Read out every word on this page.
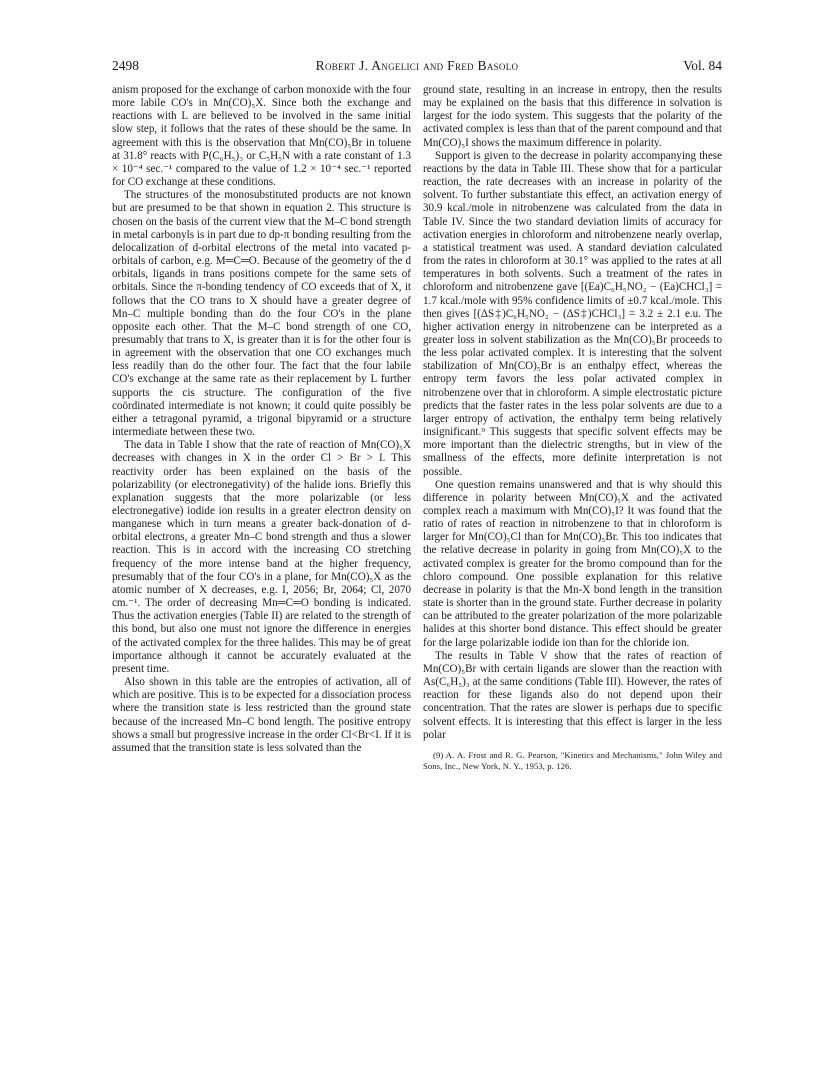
2498	Robert J. Angelici and Fred Basolo	Vol. 84

anism proposed for the exchange of carbon monoxide with the four more labile CO's in Mn(CO)₅X. Since both the exchange and reactions with L are believed to be involved in the same initial slow step, it follows that the rates of these should be the same. In agreement with this is the observation that Mn(CO)₅Br in toluene at 31.8° reacts with P(C₆H₅)₃ or C₅H₅N with a rate constant of 1.3 × 10⁻⁴ sec.⁻¹ compared to the value of 1.2 × 10⁻⁴ sec.⁻¹ reported for CO exchange at these conditions.

The structures of the monosubstituted products are not known but are presumed to be that shown in equation 2. This structure is chosen on the basis of the current view that the M–C bond strength in metal carbonyls is in part due to dp-π bonding resulting from the delocalization of d-orbital electrons of the metal into vacated p-orbitals of carbon, e.g. M═C═O. Because of the geometry of the d orbitals, ligands in trans positions compete for the same sets of orbitals. Since the π-bonding tendency of CO exceeds that of X, it follows that the CO trans to X should have a greater degree of Mn–C multiple bonding than do the four CO's in the plane opposite each other. That the M–C bond strength of one CO, presumably that trans to X, is greater than it is for the other four is in agreement with the observation that one CO exchanges much less readily than do the other four. The fact that the four labile CO's exchange at the same rate as their replacement by L further supports the cis structure. The configuration of the five coördinated intermediate is not known; it could quite possibly be either a tetragonal pyramid, a trigonal bipyramid or a structure intermediate between these two.

The data in Table I show that the rate of reaction of Mn(CO)₅X decreases with changes in X in the order Cl > Br > I. This reactivity order has been explained on the basis of the polarizability (or electronegativity) of the halide ions. Briefly this explanation suggests that the more polarizable (or less electronegative) iodide ion results in a greater electron density on manganese which in turn means a greater back-donation of d-orbital electrons, a greater Mn–C bond strength and thus a slower reaction. This is in accord with the increasing CO stretching frequency of the more intense band at the higher frequency, presumably that of the four CO's in a plane, for Mn(CO)₅X as the atomic number of X decreases, e.g. I, 2056; Br, 2064; Cl, 2070 cm.⁻¹. The order of decreasing Mn═C═O bonding is indicated. Thus the activation energies (Table II) are related to the strength of this bond, but also one must not ignore the difference in energies of the activated complex for the three halides. This may be of great importance although it cannot be accurately evaluated at the present time.

Also shown in this table are the entropies of activation, all of which are positive. This is to be expected for a dissociation process where the transition state is less restricted than the ground state because of the increased Mn–C bond length. The positive entropy shows a small but progressive increase in the order Cl<Br<I. If it is assumed that the transition state is less solvated than the

ground state, resulting in an increase in entropy, then the results may be explained on the basis that this difference in solvation is largest for the iodo system. This suggests that the polarity of the activated complex is less than that of the parent compound and that Mn(CO)₅I shows the maximum difference in polarity.

Support is given to the decrease in polarity accompanying these reactions by the data in Table III. These show that for a particular reaction, the rate decreases with an increase in polarity of the solvent. To further substantiate this effect, an activation energy of 30.9 kcal./mole in nitrobenzene was calculated from the data in Table IV. Since the two standard deviation limits of accuracy for activation energies in chloroform and nitrobenzene nearly overlap, a statistical treatment was used. A standard deviation calculated from the rates in chloroform at 30.1° was applied to the rates at all temperatures in both solvents. Such a treatment of the rates in chloroform and nitrobenzene gave [(Ea)C₆H₅NO₂ − (Ea)CHCl₃] = 1.7 kcal./mole with 95% confidence limits of ±0.7 kcal./mole. This then gives [(ΔS‡)C₆H₅NO₂ − (ΔS‡)CHCl₃] = 3.2 ± 2.1 e.u. The higher activation energy in nitrobenzene can be interpreted as a greater loss in solvent stabilization as the Mn(CO)₅Br proceeds to the less polar activated complex. It is interesting that the solvent stabilization of Mn(CO)₅Br is an enthalpy effect, whereas the entropy term favors the less polar activated complex in nitrobenzene over that in chloroform. A simple electrostatic picture predicts that the faster rates in the less polar solvents are due to a larger entropy of activation, the enthalpy term being relatively insignificant.⁹ This suggests that specific solvent effects may be more important than the dielectric strengths, but in view of the smallness of the effects, more definite interpretation is not possible.

One question remains unanswered and that is why should this difference in polarity between Mn(CO)₅X and the activated complex reach a maximum with Mn(CO)₅I? It was found that the ratio of rates of reaction in nitrobenzene to that in chloroform is larger for Mn(CO)₅Cl than for Mn(CO)₅Br. This too indicates that the relative decrease in polarity in going from Mn(CO)₅X to the activated complex is greater for the bromo compound than for the chloro compound. One possible explanation for this relative decrease in polarity is that the Mn-X bond length in the transition state is shorter than in the ground state. Further decrease in polarity can be attributed to the greater polarization of the more polarizable halides at this shorter bond distance. This effect should be greater for the large polarizable iodide ion than for the chloride ion.

The results in Table V show that the rates of reaction of Mn(CO)₅Br with certain ligands are slower than the reaction with As(C₆H₅)₃ at the same conditions (Table III). However, the rates of reaction for these ligands also do not depend upon their concentration. That the rates are slower is perhaps due to specific solvent effects. It is interesting that this effect is larger in the less polar

(9) A. A. Frost and R. G. Pearson, "Kinetics and Mechanisms," John Wiley and Sons, Inc., New York, N. Y., 1953, p. 126.
